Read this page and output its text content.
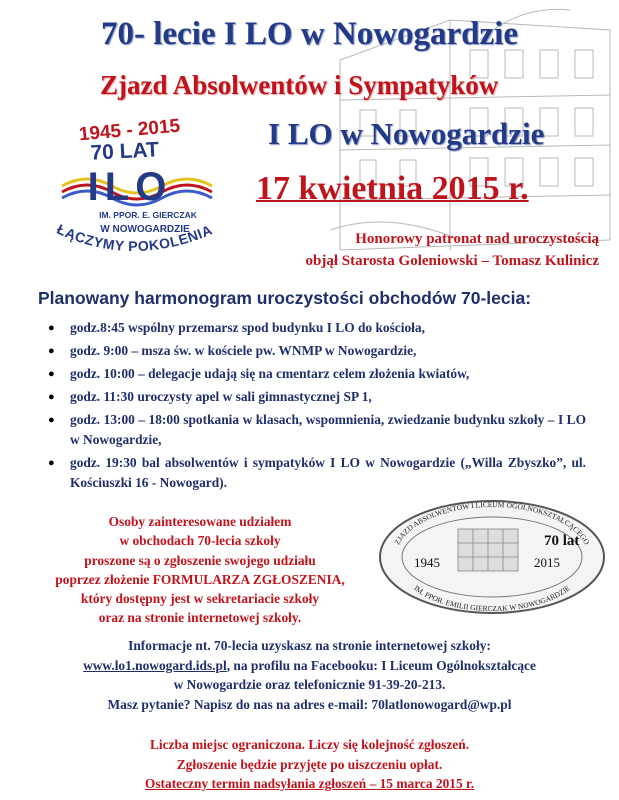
70- lecie I LO w Nowogardzie
Zjazd Absolwentów i Sympatyków
I LO w Nowogardzie
17 kwietnia 2015 r.
1945 - 2015
70 LAT
ILO
IM. PPOR. E. GIERCZAK
W NOWOGARDZIE
ŁĄCZYMY POKOLENIA	Honorowy patronat nad uroczystością
objął Starosta Goleniowski – Tomasz Kulinicz
Planowany harmonogram uroczystości obchodów 70-lecia:
● godz.8:45 wspólny przemarsz spod budynku I LO do kościoła,
● godz. 9:00 – msza św. w kościele pw. WNMP w Nowogardzie,
● godz. 10:00 – delegacje udają się na cmentarz celem złożenia kwiatów,
● godz. 11:30 uroczysty apel w sali gimnastycznej SP 1,
● godz. 13:00 – 18:00 spotkania w klasach, wspomnienia, zwiedzanie budynku szkoły – I LO w Nowogardzie,
● godz. 19:30 bal absolwentów i sympatyków I LO w Nowogardzie („Willa Zbyszko”, ul. Kościuszki 16 - Nowogard).
Osoby zainteresowane udziałem
w obchodach 70-lecia szkoły
proszone są o zgłoszenie swojego udziału
poprzez złożenie FORMULARZA ZGŁOSZENIA,
który dostępny jest w sekretariacie szkoły
oraz na stronie internetowej szkoły.
ZJAZD ABSOLWENTÓW I LICEUM OGÓLNOKSZTAŁCĄCEGO
IM. PPOR. EMILII GIERCZAK W NOWOGARDZIE
70 lat
1945	2015
Informacje nt. 70-lecia uzyskasz na stronie internetowej szkoły:
www.lo1.nowogard.ids.pl, na profilu na Facebooku: I Liceum Ogólnokształcące
w Nowogardzie oraz telefonicznie 91-39-20-213.
Masz pytanie? Napisz do nas na adres e-mail: 70latlonowogard@wp.pl
Liczba miejsc ograniczona. Liczy się kolejność zgłoszeń.
Zgłoszenie będzie przyjęte po uiszczeniu opłat.
Ostateczny termin nadsyłania zgłoszeń – 15 marca 2015 r.
